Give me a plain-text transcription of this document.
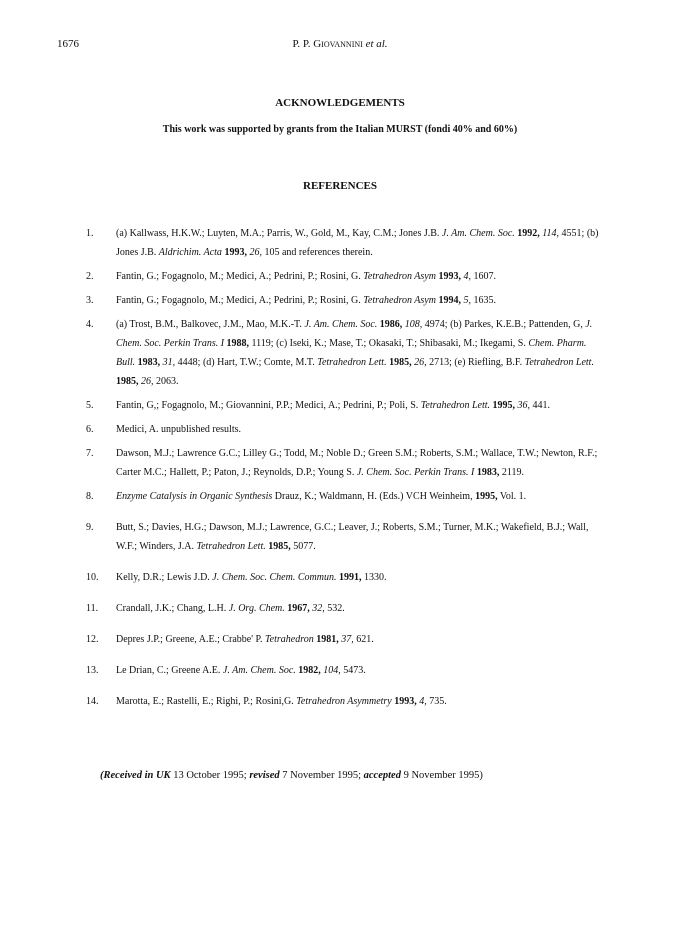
1676	P. P. Giovannini et al.
ACKNOWLEDGEMENTS
This work was supported by grants from the Italian MURST (fondi 40% and 60%)
REFERENCES
1.	(a) Kallwass, H.K.W.; Luyten, M.A.; Parris, W., Gold, M., Kay, C.M.; Jones J.B. J. Am. Chem. Soc. 1992, 114, 4551; (b) Jones J.B. Aldrichim. Acta 1993, 26, 105 and references therein.
2.	Fantin, G.; Fogagnolo, M.; Medici, A.; Pedrini, P.; Rosini, G. Tetrahedron Asym 1993, 4, 1607.
3.	Fantin, G.; Fogagnolo, M.; Medici, A.; Pedrini, P.; Rosini, G. Tetrahedron Asym 1994, 5, 1635.
4.	(a) Trost, B.M., Balkovec, J.M., Mao, M.K.-T. J. Am. Chem. Soc. 1986, 108, 4974; (b) Parkes, K.E.B.; Pattenden, G, J. Chem. Soc. Perkin Trans. I 1988, 1119; (c) Iseki, K.; Mase, T.; Okasaki, T.; Shibasaki, M.; Ikegami, S. Chem. Pharm. Bull. 1983, 31, 4448; (d) Hart, T.W.; Comte, M.T. Tetrahedron Lett. 1985, 26, 2713; (e) Riefling, B.F. Tetrahedron Lett. 1985, 26, 2063.
5.	Fantin, G,; Fogagnolo, M.; Giovannini, P.P.; Medici, A.; Pedrini, P.; Poli, S. Tetrahedron Lett. 1995, 36, 441.
6.	Medici, A. unpublished results.
7.	Dawson, M.J.; Lawrence G.C.; Lilley G.; Todd, M.; Noble D.; Green S.M.; Roberts, S.M.; Wallace, T.W.; Newton, R.F.; Carter M.C.; Hallett, P.; Paton, J.; Reynolds, D.P.; Young S. J. Chem. Soc. Perkin Trans. I 1983, 2119.
8.	Enzyme Catalysis in Organic Synthesis Drauz, K.; Waldmann, H. (Eds.) VCH Weinheim, 1995, Vol. 1.
9.	Butt, S.; Davies, H.G.; Dawson, M.J.; Lawrence, G.C.; Leaver, J.; Roberts, S.M.; Turner, M.K.; Wakefield, B.J.; Wall, W.F.; Winders, J.A. Tetrahedron Lett. 1985, 5077.
10.	Kelly, D.R.; Lewis J.D. J. Chem. Soc. Chem. Commun. 1991, 1330.
11.	Crandall, J.K.; Chang, L.H. J. Org. Chem. 1967, 32, 532.
12.	Depres J.P.; Greene, A.E.; Crabbe' P. Tetrahedron 1981, 37, 621.
13.	Le Drian, C.; Greene A.E. J. Am. Chem. Soc. 1982, 104, 5473.
14.	Marotta, E.; Rastelli, E.; Righi, P.; Rosini,G. Tetrahedron Asymmetry 1993, 4, 735.
(Received in UK 13 October 1995; revised 7 November 1995; accepted 9 November 1995)
